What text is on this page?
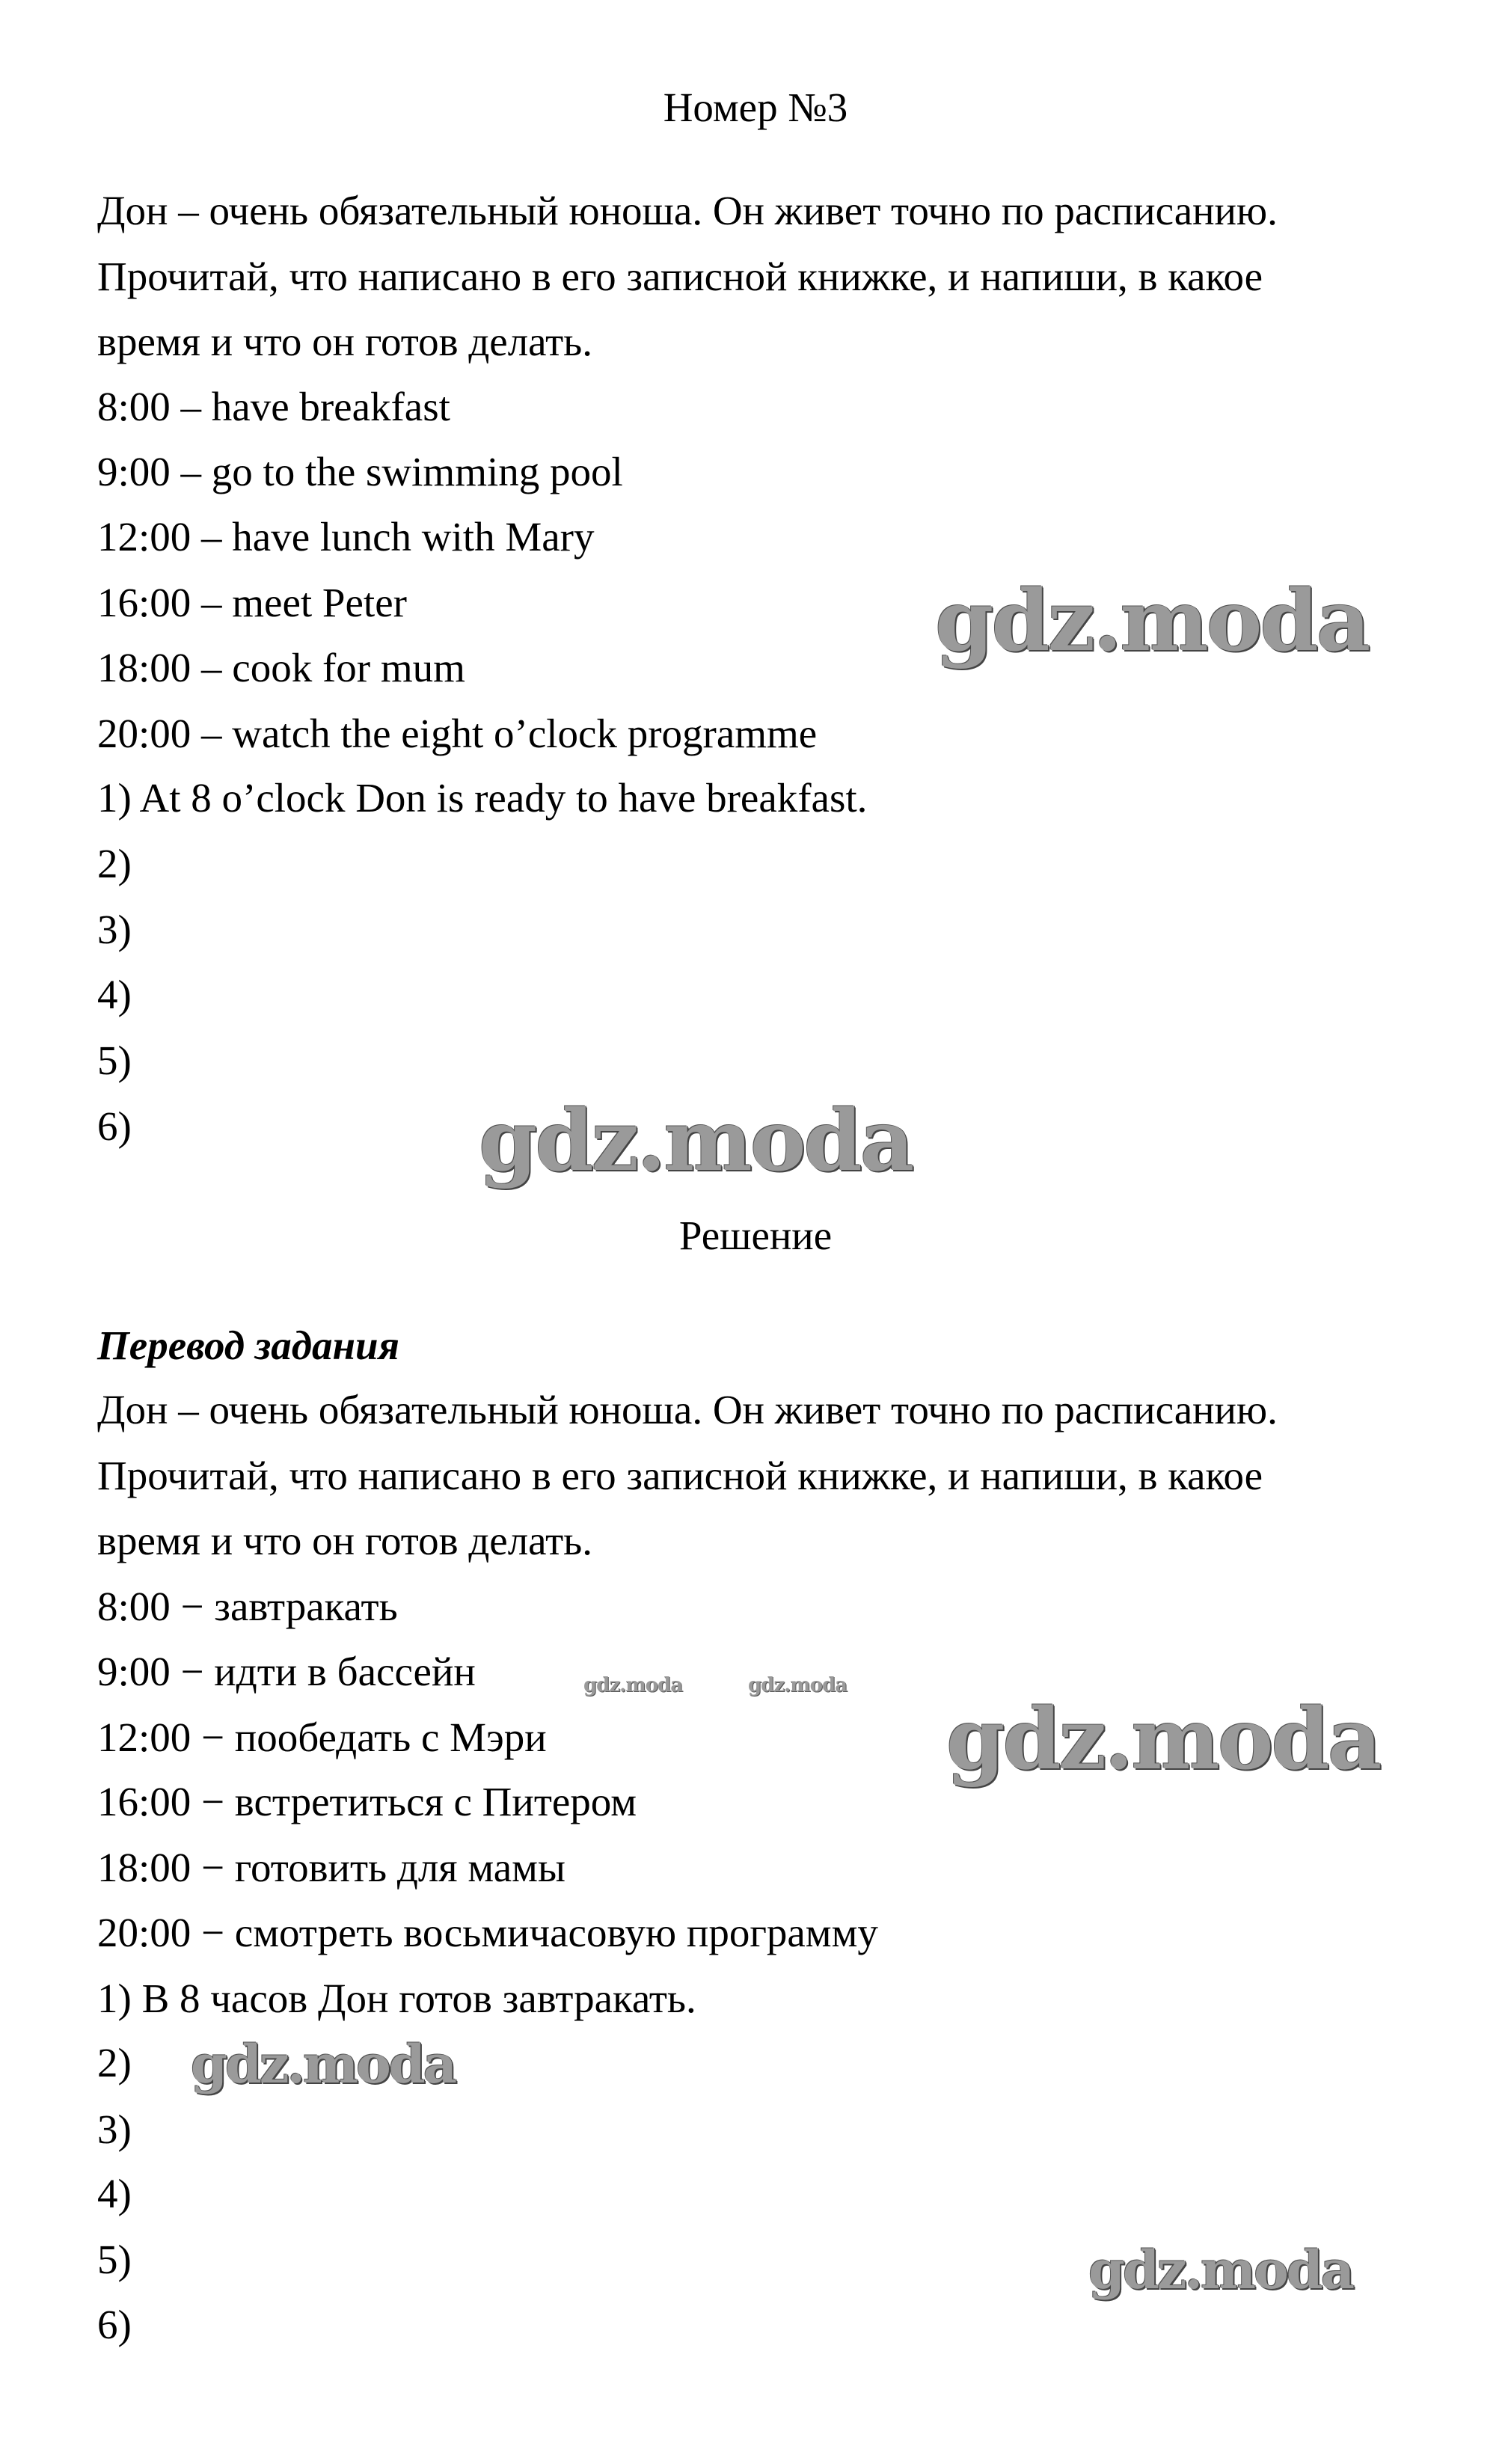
Номер №3
Дон – очень обязательный юноша. Он живет точно по расписанию.
Прочитай, что написано в его записной книжке, и напиши, в какое
время и что он готов делать.
8:00 – have breakfast
9:00 – go to the swimming pool
12:00 – have lunch with Mary
16:00 – meet Peter
18:00 – cook for mum
20:00 – watch the eight o’clock programme
1) At 8 o’clock Don is ready to have breakfast.
2)
3)
4)
5)
6)
Решение
Перевод задания
Дон – очень обязательный юноша. Он живет точно по расписанию.
Прочитай, что написано в его записной книжке, и напиши, в какое
время и что он готов делать.
8:00 − завтракать
9:00 − идти в бассейн
12:00 − пообедать с Мэри
16:00 − встретиться с Питером
18:00 − готовить для мамы
20:00 − смотреть восьмичасовую программу
1) В 8 часов Дон готов завтракать.
2)
3)
4)
5)
6)
gdz.moda
gdz.moda
gdz.moda
gdz.moda
gdz.moda
gdz.moda	gdz.moda
